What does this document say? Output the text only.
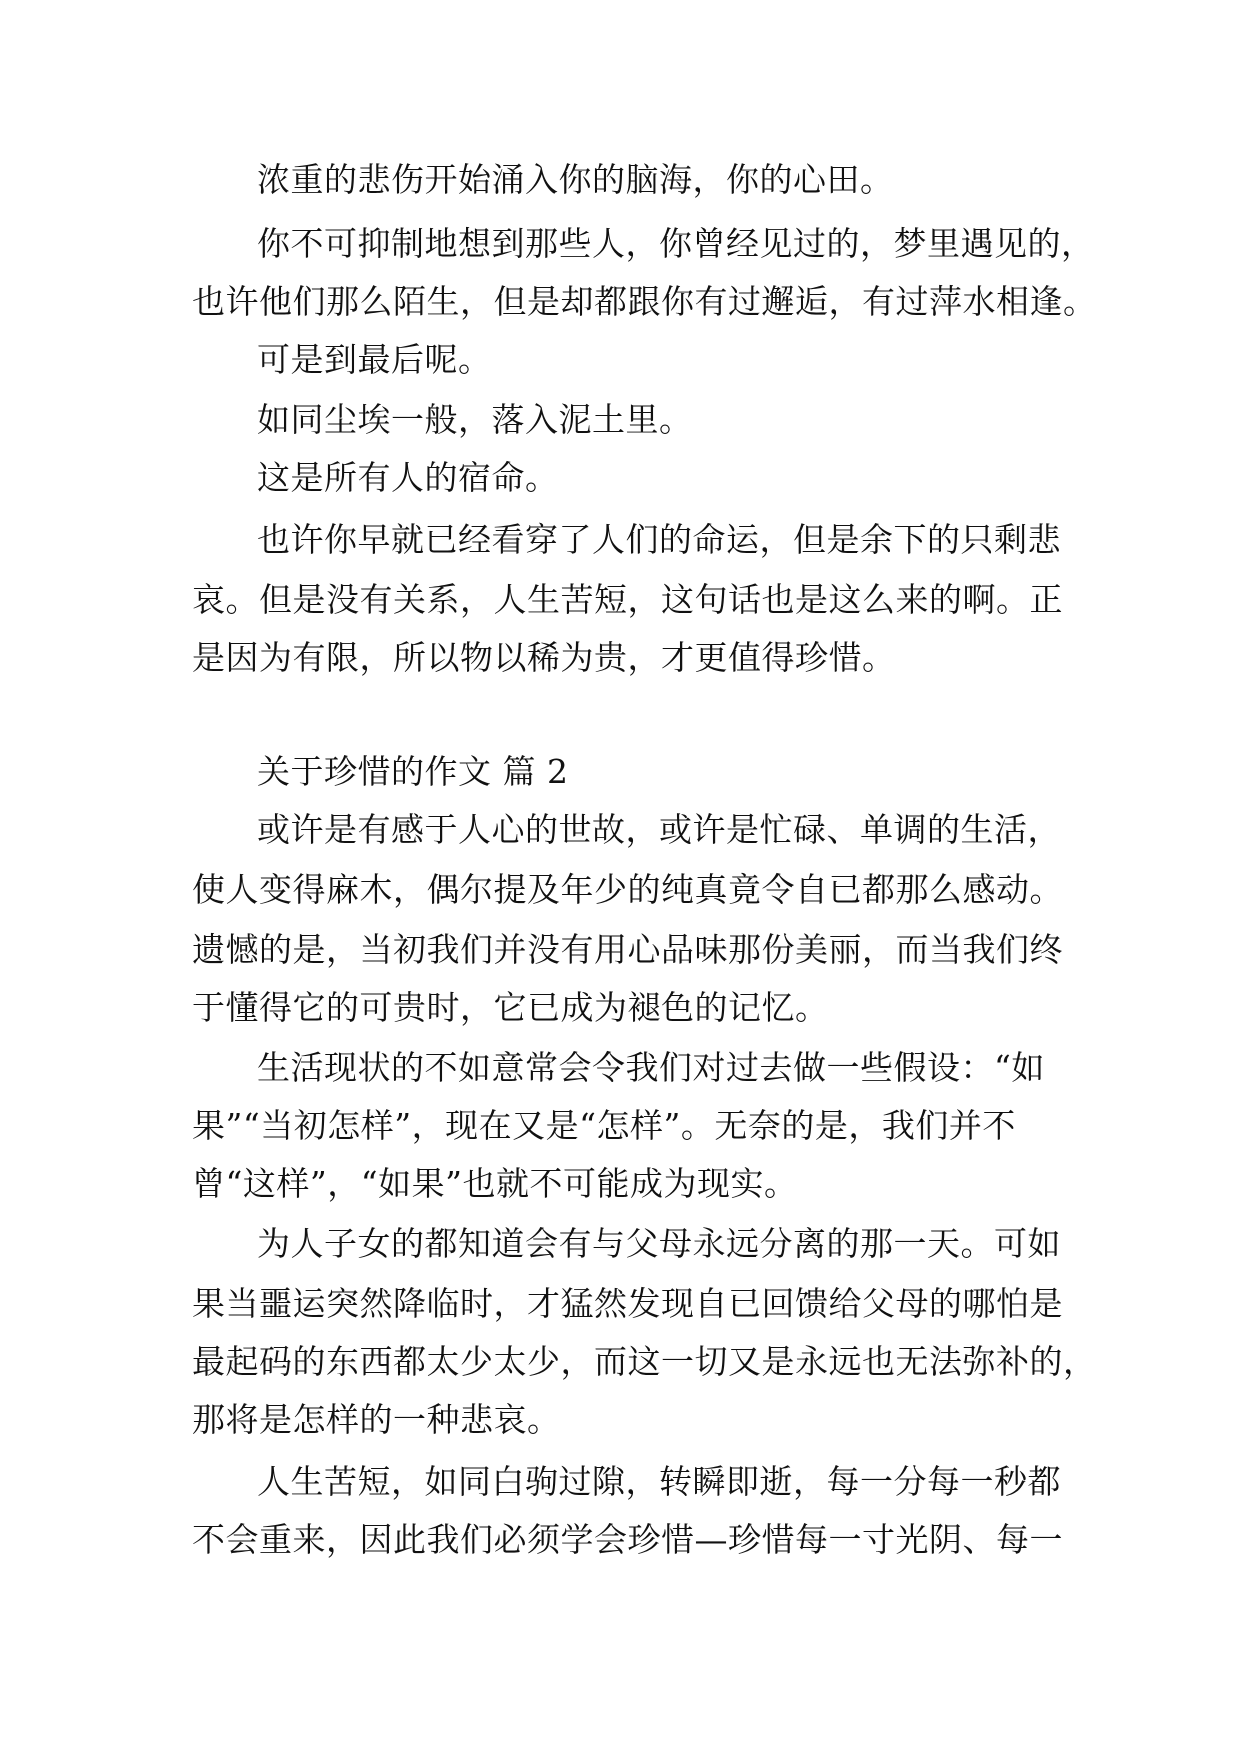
浓重的悲伤开始涌入你的脑海，你的心田。
你不可抑制地想到那些人，你曾经见过的，梦里遇见的，
也许他们那么陌生，但是却都跟你有过邂逅，有过萍水相逢。
可是到最后呢。
如同尘埃一般，落入泥土里。
这是所有人的宿命。
也许你早就已经看穿了人们的命运，但是余下的只剩悲
哀。但是没有关系，人生苦短，这句话也是这么来的啊。正
是因为有限，所以物以稀为贵，才更值得珍惜。
关于珍惜的作文 篇 2
或许是有感于人心的世故，或许是忙碌、单调的生活，
使人变得麻木，偶尔提及年少的纯真竟令自已都那么感动。
遗憾的是，当初我们并没有用心品味那份美丽，而当我们终
于懂得它的可贵时，它已成为褪色的记忆。
生活现状的不如意常会令我们对过去做一些假设：“如
果”“当初怎样”，现在又是“怎样”。无奈的是，我们并不
曾“这样”，“如果”也就不可能成为现实。
为人子女的都知道会有与父母永远分离的那一天。可如
果当噩运突然降临时，才猛然发现自已回馈给父母的哪怕是
最起码的东西都太少太少，而这一切又是永远也无法弥补的，
那将是怎样的一种悲哀。
人生苦短，如同白驹过隙，转瞬即逝，每一分每一秒都
不会重来，因此我们必须学会珍惜—珍惜每一寸光阴、每一
